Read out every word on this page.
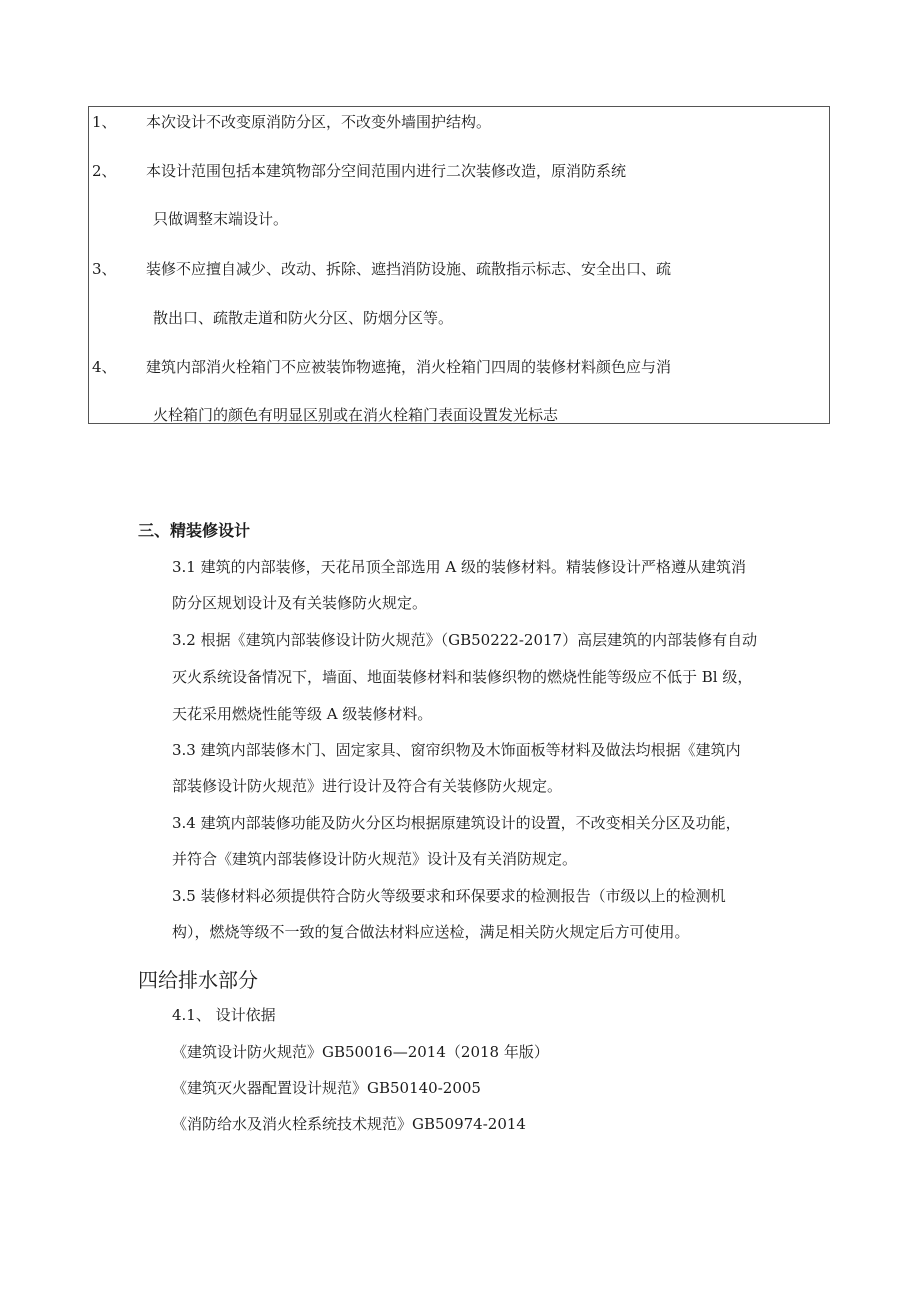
1、 本次设计不改变原消防分区，不改变外墙围护结构。
2、 本设计范围包括本建筑物部分空间范围内进行二次装修改造，原消防系统
只做调整末端设计。
3、 装修不应擅自减少、改动、拆除、遮挡消防设施、疏散指示标志、安全出口、疏
散出口、疏散走道和防火分区、防烟分区等。
4、 建筑内部消火栓箱门不应被装饰物遮掩，消火栓箱门四周的装修材料颜色应与消
火栓箱门的颜色有明显区别或在消火栓箱门表面设置发光标志
三、精装修设计
3.1 建筑的内部装修，天花吊顶全部选用 A 级的装修材料。精装修设计严格遵从建筑消
防分区规划设计及有关装修防火规定。
3.2 根据《建筑内部装修设计防火规范》（GB50222-2017）高层建筑的内部装修有自动
灭火系统设备情况下，墙面、地面装修材料和装修织物的燃烧性能等级应不低于 Bl 级，
天花采用燃烧性能等级 A 级装修材料。
3.3 建筑内部装修木门、固定家具、窗帘织物及木饰面板等材料及做法均根据《建筑内
部装修设计防火规范》进行设计及符合有关装修防火规定。
3.4 建筑内部装修功能及防火分区均根据原建筑设计的设置，不改变相关分区及功能，
并符合《建筑内部装修设计防火规范》设计及有关消防规定。
3.5 装修材料必须提供符合防火等级要求和环保要求的检测报告（市级以上的检测机
构），燃烧等级不一致的复合做法材料应送检，满足相关防火规定后方可使用。
四给排水部分
4.1、 设计依据
《建筑设计防火规范》GB50016—2014（2018 年版）
《建筑灭火器配置设计规范》GB50140-2005
《消防给水及消火栓系统技术规范》GB50974-2014
